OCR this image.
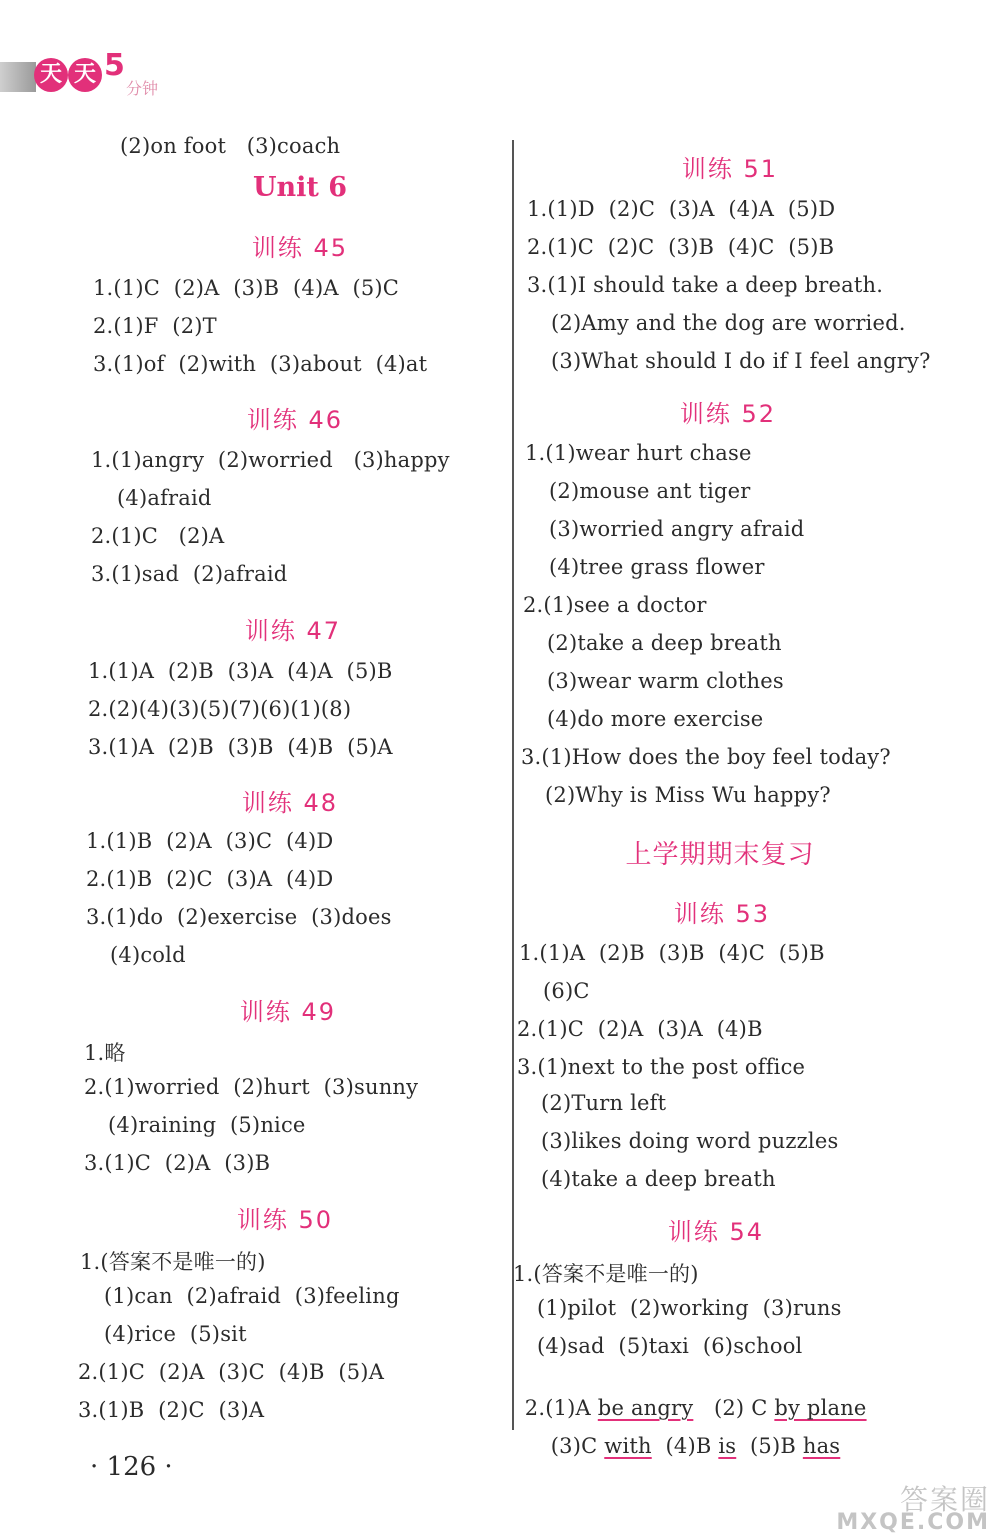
天 天 5
分钟
(2)on foot   (3)coach
Unit 6
训练 45
1.(1)C  (2)A  (3)B  (4)A  (5)C
2.(1)F  (2)T
3.(1)of  (2)with  (3)about  (4)at
训练 46
1.(1)angry  (2)worried   (3)happy
(4)afraid
2.(1)C   (2)A
3.(1)sad  (2)afraid
训练 47
1.(1)A  (2)B  (3)A  (4)A  (5)B
2.(2)(4)(3)(5)(7)(6)(1)(8)
3.(1)A  (2)B  (3)B  (4)B  (5)A
训练 48
1.(1)B  (2)A  (3)C  (4)D
2.(1)B  (2)C  (3)A  (4)D
3.(1)do  (2)exercise  (3)does
(4)cold
训练 49
1.略
2.(1)worried  (2)hurt  (3)sunny
(4)raining  (5)nice
3.(1)C  (2)A  (3)B
训练 50
1.(答案不是唯一的)
(1)can  (2)afraid  (3)feeling
(4)rice  (5)sit
2.(1)C  (2)A  (3)C  (4)B  (5)A
3.(1)B  (2)C  (3)A
训练 51
1.(1)D  (2)C  (3)A  (4)A  (5)D
2.(1)C  (2)C  (3)B  (4)C  (5)B
3.(1)I should take a deep breath.
(2)Amy and the dog are worried.
(3)What should I do if I feel angry?
训练 52
1.(1)wear hurt chase
(2)mouse ant tiger
(3)worried angry afraid
(4)tree grass flower
2.(1)see a doctor
(2)take a deep breath
(3)wear warm clothes
(4)do more exercise
3.(1)How does the boy feel today?
(2)Why is Miss Wu happy?
上学期期末复习
训练 53
1.(1)A  (2)B  (3)B  (4)C  (5)B
(6)C
2.(1)C  (2)A  (3)A  (4)B
3.(1)next to the post office
(2)Turn left
(3)likes doing word puzzles
(4)take a deep breath
训练 54
1.(答案不是唯一的)
(1)pilot  (2)working  (3)runs
(4)sad  (5)taxi  (6)school

2.(1)A be angry   (2) C by plane

(3)C with  (4)B is  (5)B has

· 126 ·
答案圈
MXQE.COM
